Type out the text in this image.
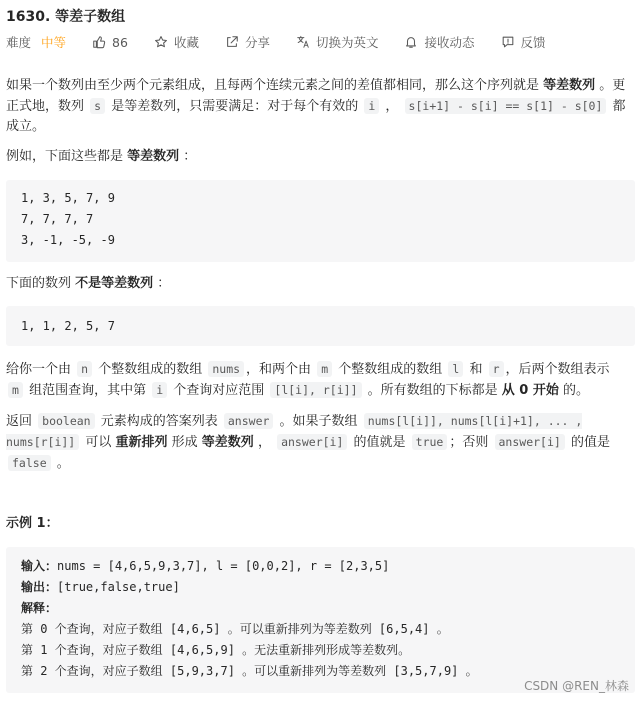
1630. 等差子数组
难度 中等	86	收藏	分享	切换为英文	接收动态	反馈
如果一个数列由至少两个元素组成，且每两个连续元素之间的差值都相同，那么这个序列就是 等差数列 。更正式地，数列 s 是等差数列，只需要满足：对于每个有效的 i ， s[i+1] - s[i] == s[1] - s[0] 都成立。
例如，下面这些都是 等差数列 ：
1, 3, 5, 7, 9
7, 7, 7, 7
3, -1, -5, -9
下面的数列 不是等差数列 ：
1, 1, 2, 5, 7
给你一个由 n 个整数组成的数组 nums ，和两个由 m 个整数组成的数组 l 和 r ，后两个数组表示 m 组范围查询，其中第 i 个查询对应范围 [l[i], r[i]] 。所有数组的下标都是 从 0 开始 的。
返回 boolean 元素构成的答案列表 answer 。如果子数组 nums[l[i]], nums[l[i]+1], ... , nums[r[i]] 可以 重新排列 形成 等差数列 ， answer[i] 的值就是 true ；否则 answer[i] 的值是 false 。
示例 1：
输入：nums = [4,6,5,9,3,7], l = [0,0,2], r = [2,3,5]
输出：[true,false,true]
解释：
第 0 个查询，对应子数组 [4,6,5] 。可以重新排列为等差数列 [6,5,4] 。
第 1 个查询，对应子数组 [4,6,5,9] 。无法重新排列形成等差数列。
第 2 个查询，对应子数组 [5,9,3,7] 。可以重新排列为等差数列 [3,5,7,9] 。
CSDN @REN_林森
